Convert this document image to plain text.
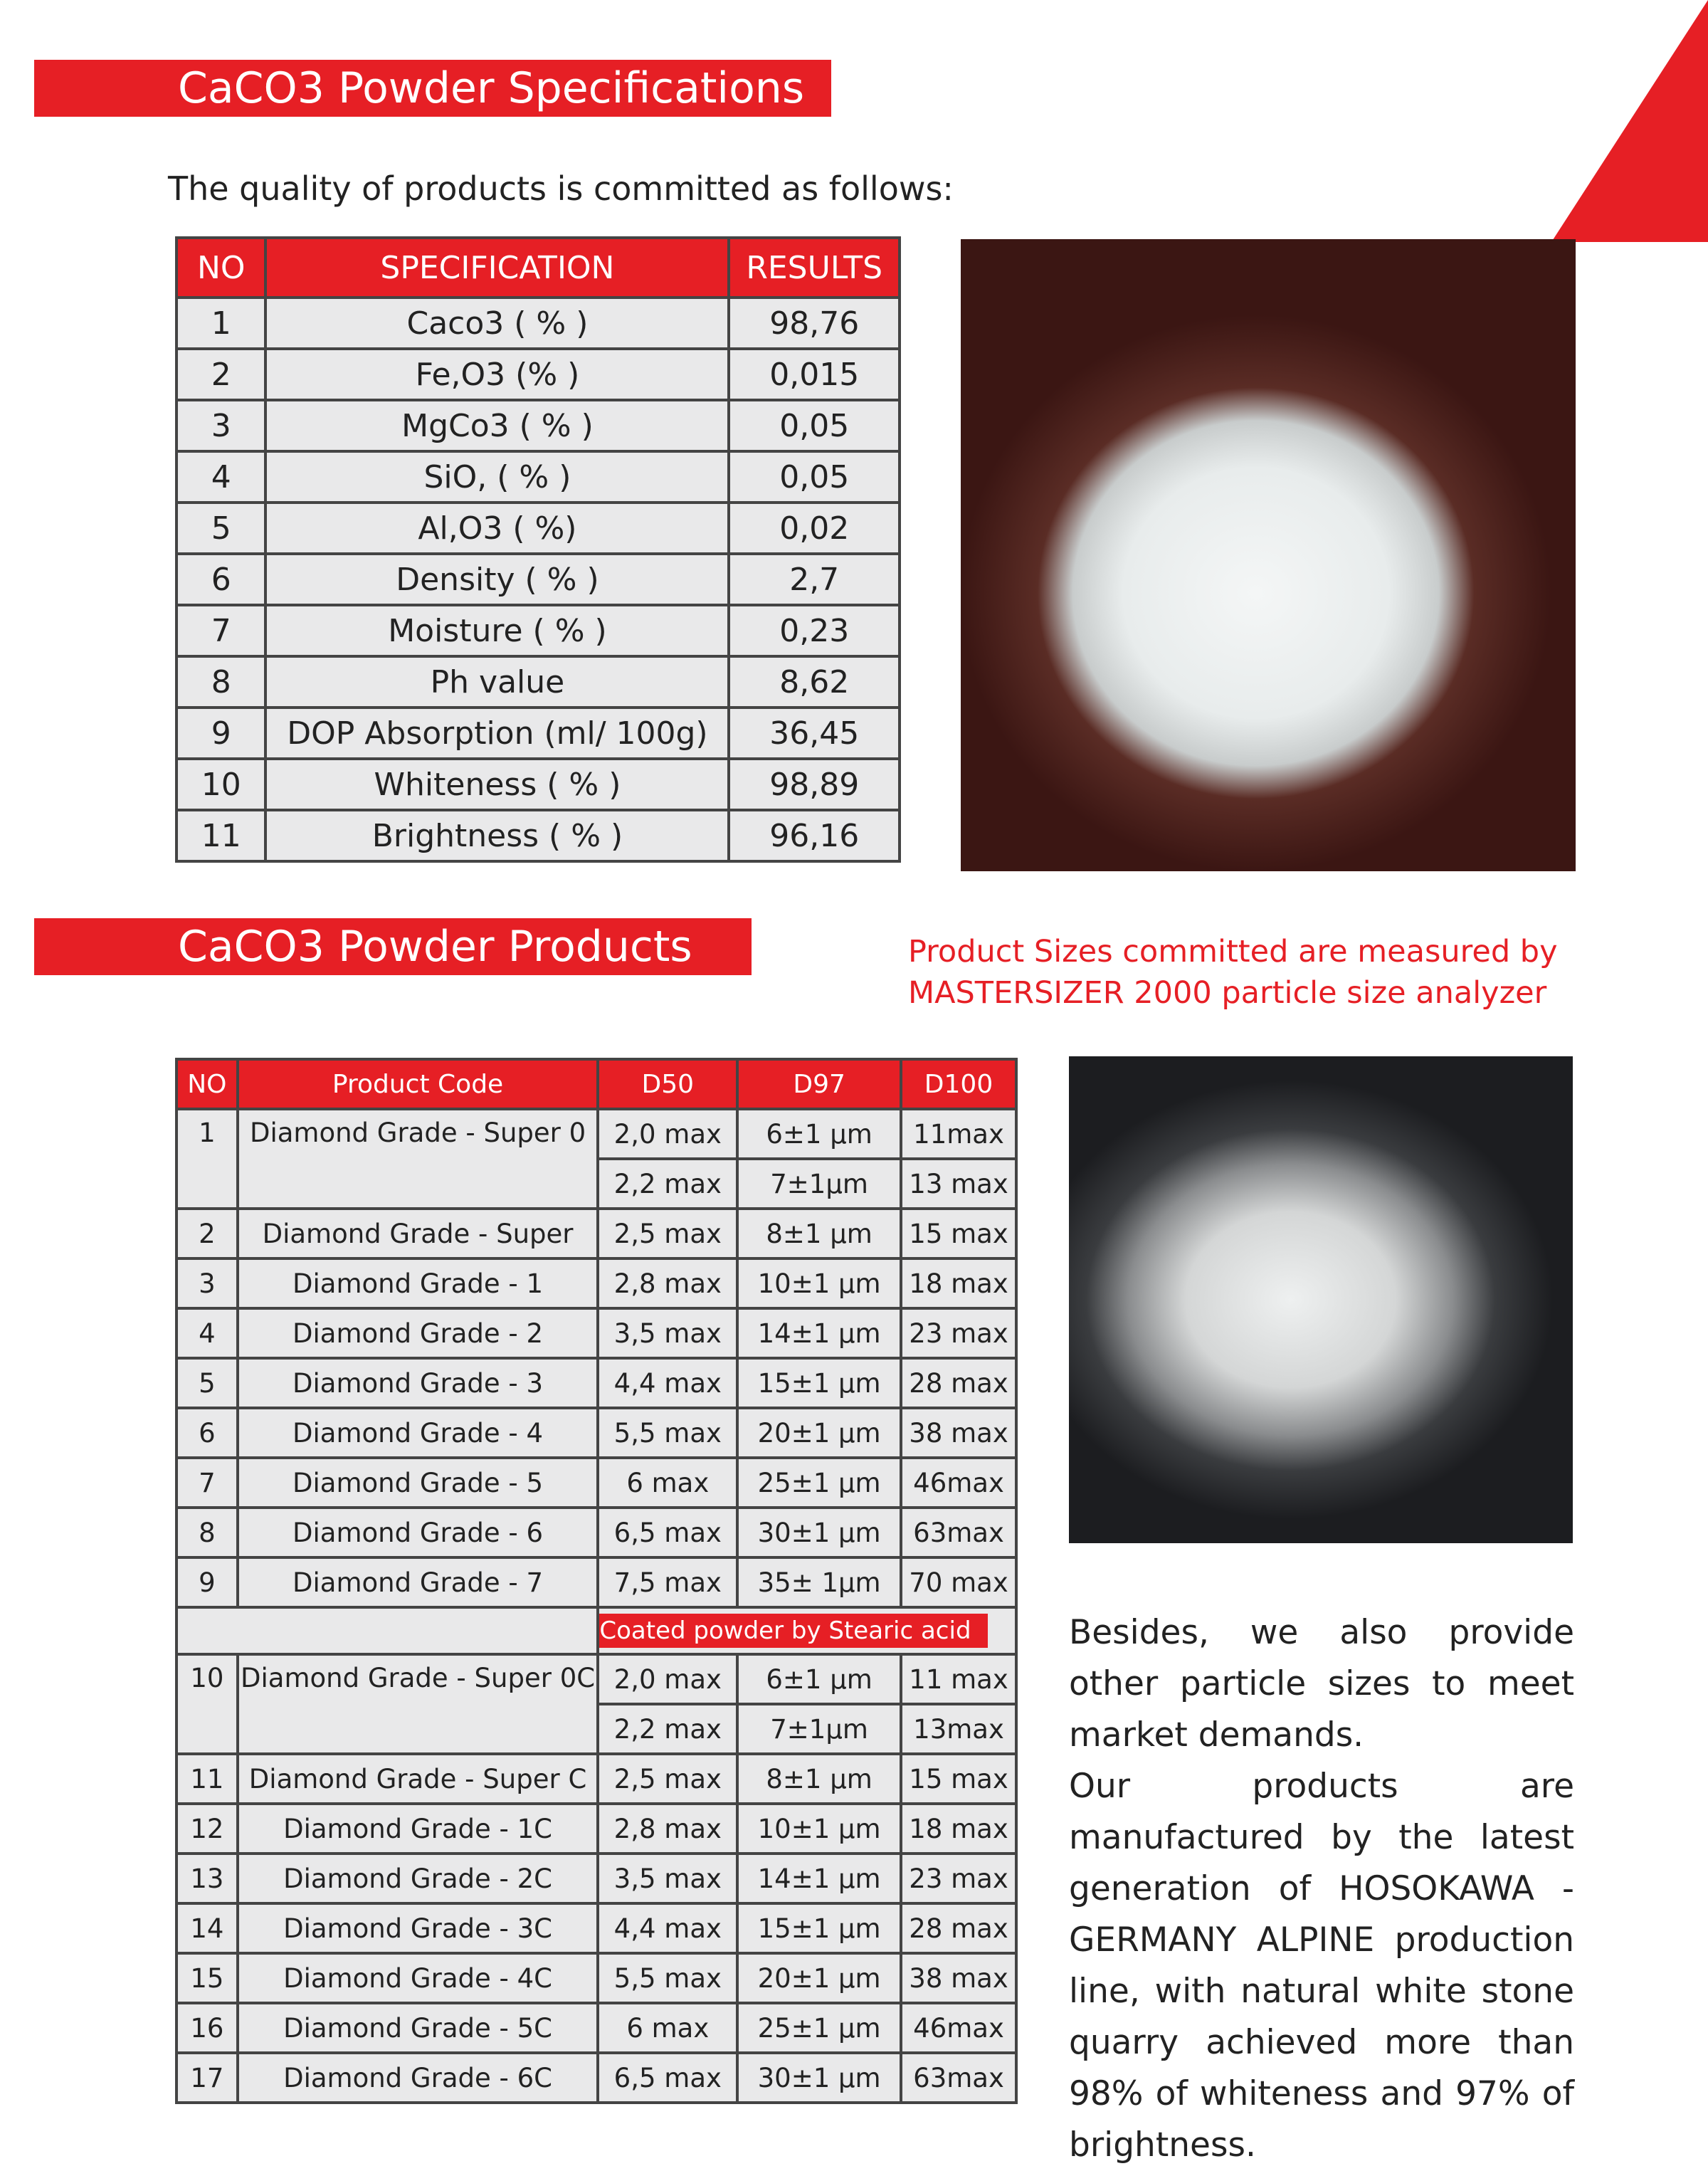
CaCO3 Powder Specifications
The quality of products is committed as follows:
NO	SPECIFICATION	RESULTS
1	Caco3 ( % )	98,76
2	Fe,O3 (% )	0,015
3	MgCo3 ( % )	0,05
4	SiO, ( % )	0,05
5	Al,O3 ( %)	0,02
6	Density ( % )	2,7
7	Moisture ( % )	0,23
8	Ph value	8,62
9	DOP Absorption (ml/ 100g)	36,45
10	Whiteness ( % )	98,89
11	Brightness ( % )	96,16
CaCO3 Powder Products	Product Sizes committed are measured by
MASTERSIZER 2000 particle size analyzer
NO	Product Code	D50	D97	D100
1	Diamond Grade - Super 0	2,0 max	6±1 µm	11max
		2,2 max	7±1µm	13 max
2	Diamond Grade - Super	2,5 max	8±1 µm	15 max
3	Diamond Grade - 1	2,8 max	10±1 µm	18 max
4	Diamond Grade - 2	3,5 max	14±1 µm	23 max
5	Diamond Grade - 3	4,4 max	15±1 µm	28 max
6	Diamond Grade - 4	5,5 max	20±1 µm	38 max
7	Diamond Grade - 5	6 max	25±1 µm	46max
8	Diamond Grade - 6	6,5 max	30±1 µm	63max
9	Diamond Grade - 7	7,5 max	35± 1µm	70 max

		Coated powder by Stearic acid		

10	Diamond Grade - Super 0C	2,0 max	6±1 µm	11 max
		2,2 max	7±1µm	13max
11	Diamond Grade - Super C	2,5 max	8±1 µm	15 max
12	Diamond Grade - 1C	2,8 max	10±1 µm	18 max
13	Diamond Grade - 2C	3,5 max	14±1 µm	23 max
14	Diamond Grade - 3C	4,4 max	15±1 µm	28 max
15	Diamond Grade - 4C	5,5 max	20±1 µm	38 max
16	Diamond Grade - 5C	6 max	25±1 µm	46max
17	Diamond Grade - 6C	6,5 max	30±1 µm	63max

Besides, we also provide other particle sizes to meet market demands.

Our products are manufactured by the latest generation of HOSOKAWA - GERMANY ALPINE production line, with natural white stone quarry achieved more than 98% of whiteness and 97% of brightness.
